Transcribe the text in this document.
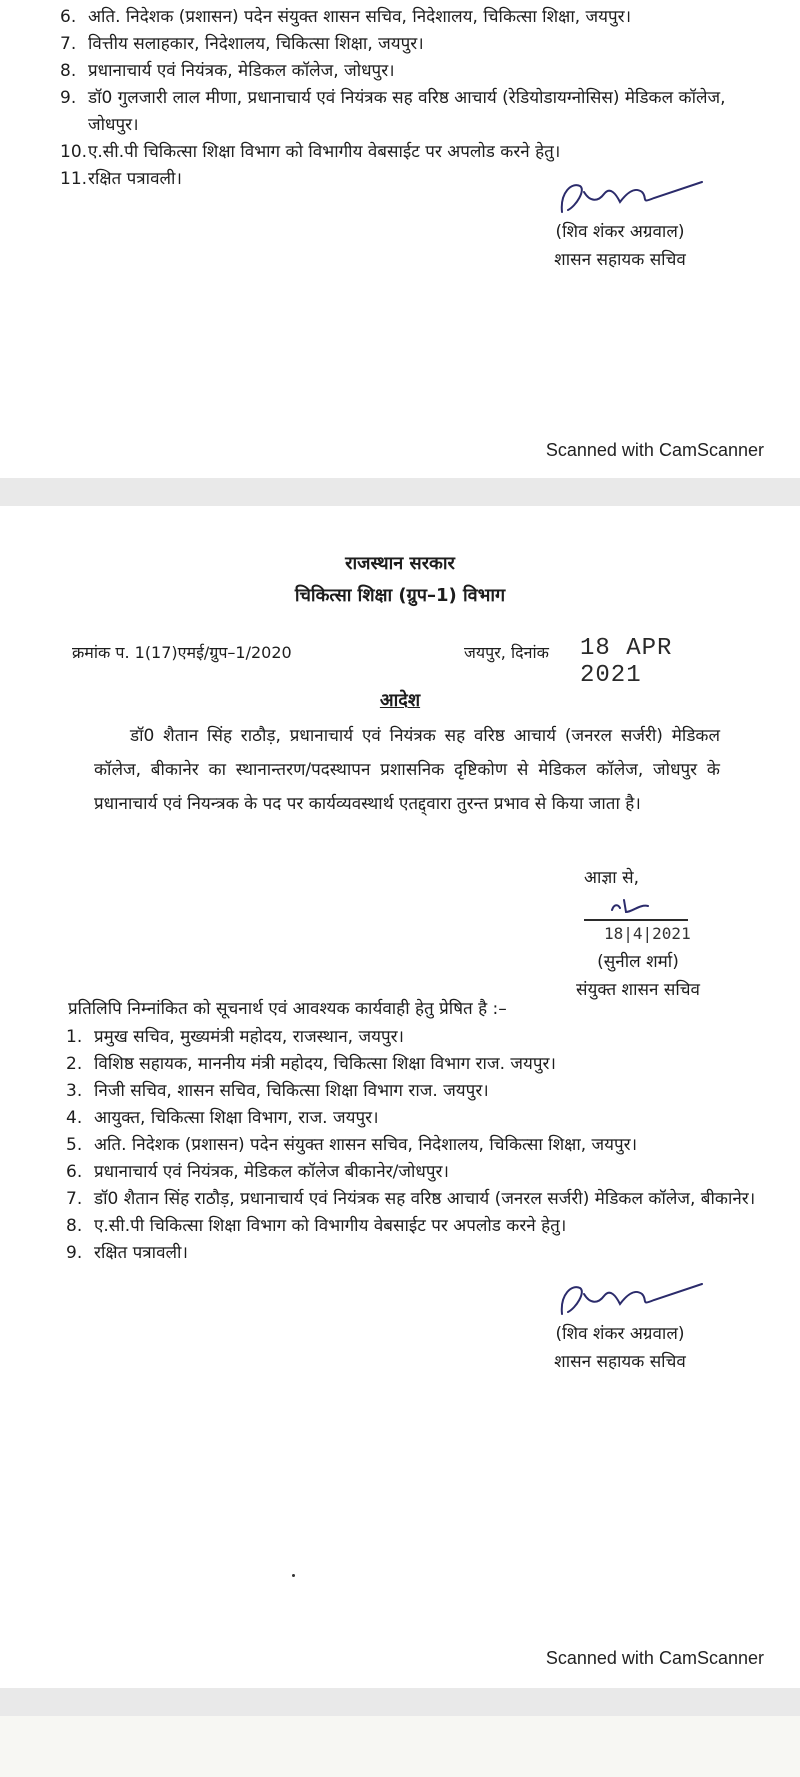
6. अति. निदेशक (प्रशासन) पदेन संयुक्त शासन सचिव, निदेशालय, चिकित्सा शिक्षा, जयपुर।
7. वित्तीय सलाहकार, निदेशालय, चिकित्सा शिक्षा, जयपुर।
8. प्रधानाचार्य एवं नियंत्रक, मेडिकल कॉलेज, जोधपुर।
9. डॉ0 गुलजारी लाल मीणा, प्रधानाचार्य एवं नियंत्रक सह वरिष्ठ आचार्य (रेडियोडायग्नोसिस) मेडिकल कॉलेज, जोधपुर।
10. ए.सी.पी चिकित्सा शिक्षा विभाग को विभागीय वेबसाईट पर अपलोड करने हेतु।
11. रक्षित पत्रावली।
(शिव शंकर अग्रवाल)
शासन सहायक सचिव
Scanned with CamScanner
राजस्थान सरकार
चिकित्सा शिक्षा (ग्रुप–1) विभाग
क्रमांक प. 1(17)एमई/ग्रुप–1/2020	जयपुर, दिनांक 18 APR 2021
आदेश
डॉ0 शैतान सिंह राठौड़, प्रधानाचार्य एवं नियंत्रक सह वरिष्ठ आचार्य (जनरल सर्जरी) मेडिकल कॉलेज, बीकानेर का स्थानान्तरण/पदस्थापन प्रशासनिक दृष्टिकोण से मेडिकल कॉलेज, जोधपुर के प्रधानाचार्य एवं नियन्त्रक के पद पर कार्यव्यवस्थार्थ एतद्द्वारा तुरन्त प्रभाव से किया जाता है।
आज्ञा से,
18|4|2021
(सुनील शर्मा)
संयुक्त शासन सचिव
प्रतिलिपि निम्नांकित को सूचनार्थ एवं आवश्यक कार्यवाही हेतु प्रेषित है :–
1. प्रमुख सचिव, मुख्यमंत्री महोदय, राजस्थान, जयपुर।
2. विशिष्ठ सहायक, माननीय मंत्री महोदय, चिकित्सा शिक्षा विभाग राज. जयपुर।
3. निजी सचिव, शासन सचिव, चिकित्सा शिक्षा विभाग राज. जयपुर।
4. आयुक्त, चिकित्सा शिक्षा विभाग, राज. जयपुर।
5. अति. निदेशक (प्रशासन) पदेन संयुक्त शासन सचिव, निदेशालय, चिकित्सा शिक्षा, जयपुर।
6. प्रधानाचार्य एवं नियंत्रक, मेडिकल कॉलेज बीकानेर/जोधपुर।
7. डॉ0 शैतान सिंह राठौड़, प्रधानाचार्य एवं नियंत्रक सह वरिष्ठ आचार्य (जनरल सर्जरी) मेडिकल कॉलेज, बीकानेर।
8. ए.सी.पी चिकित्सा शिक्षा विभाग को विभागीय वेबसाईट पर अपलोड करने हेतु।
9. रक्षित पत्रावली।
(शिव शंकर अग्रवाल)
शासन सहायक सचिव
Scanned with CamScanner
